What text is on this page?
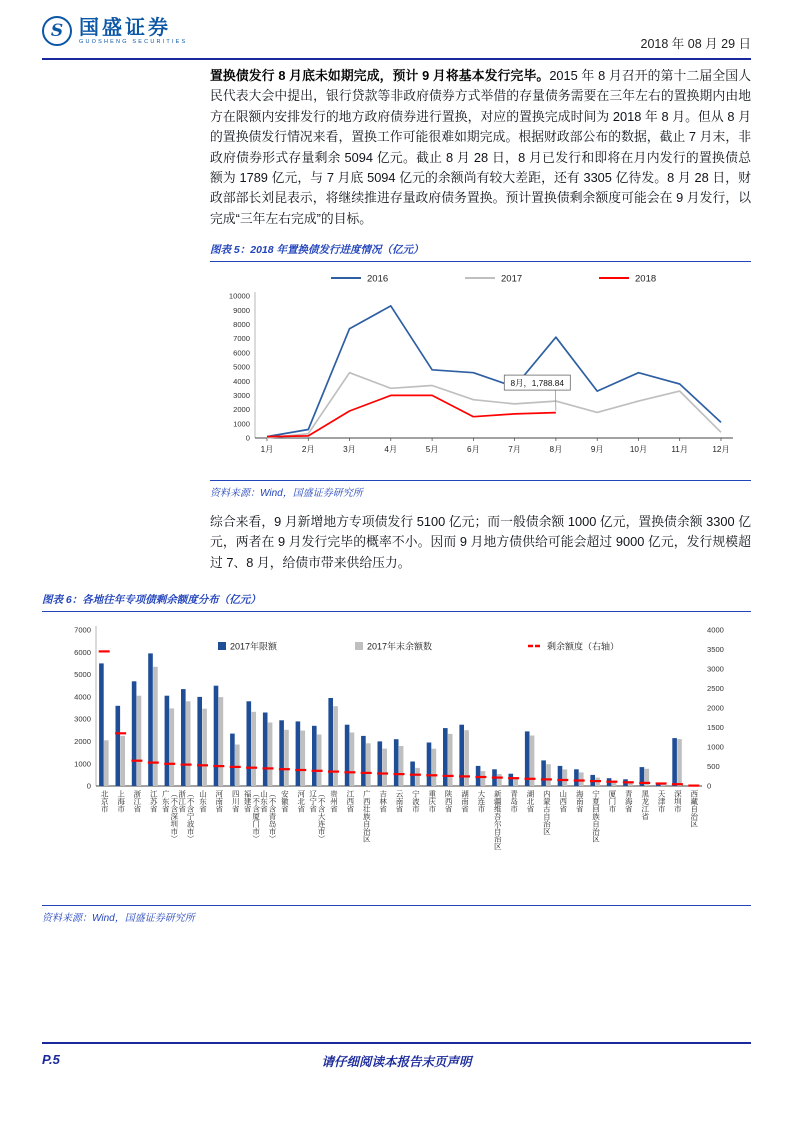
S 国盛证券
GUOSHENG SECURITIES	2018 年 08 月 29 日
置换债发行 8 月底未如期完成，预计 9 月将基本发行完毕。2015 年 8 月召开的第十二届全国人民代表大会中提出，银行贷款等非政府债券方式举借的存量债务需要在三年左右的置换期内由地方在限额内安排发行的地方政府债券进行置换，对应的置换完成时间为 2018 年 8 月。但从 8 月的置换债发行情况来看，置换工作可能很难如期完成。根据财政部公布的数据，截止 7 月末，非政府债券形式存量剩余 5094 亿元。截止 8 月 28 日，8 月已发行和即将在月内发行的置换债总额为 1789 亿元，与 7 月底 5094 亿元的余额尚有较大差距，还有 3305 亿待发。8 月 28 日，财政部部长刘昆表示，将继续推进存量政府债务置换。预计置换债剩余额度可能会在 9 月发行，以完成“三年左右完成”的目标。
图表 5：2018 年置换债发行进度情况（亿元）
2016	2017	2018
0
1000
2000
3000
4000
5000
6000
7000
8000
9000
10000
1月	2月	3月	4月	5月	6月	7月	8月	9月	10月	11月	12月
8月，1,788.84
资料来源：Wind，国盛证券研究所
综合来看，9 月新增地方专项债发行 5100 亿元；而一般债余额 1000 亿元，置换债余额 3300 亿元，两者在 9 月发行完毕的概率不小。因而 9 月地方债供给可能会超过 9000 亿元，发行规模超过 7、8 月，给债市带来供给压力。
图表 6：各地往年专项债剩余额度分布（亿元）
2017年限额	2017年末余额数	剩余额度（右轴）
0
1000
2000
3000
4000
5000
6000
7000
0
500
1000
1500
2000
2500
3000
3500
4000
北京市 上海市 浙江省 江苏省 广东省
（不含深圳市）
浙江省
（不含宁波市） 山东省 河南省 四川省 福建省
（不含厦门市）
山东省
（不含青岛市） 安徽省 河北省 辽宁省
（不含大连市） 贵州省 江西省 广西壮族自治区 吉林省 云南省 宁波市 重庆市 陕西省 湖南省 大连市 新疆维吾尔自治区 青岛市 湖北省 内蒙古自治区 山西省 海南省 宁夏回族自治区 厦门市 青海省 黑龙江省 天津市 深圳市 西藏自治区
资料来源：Wind，国盛证券研究所
P.5	请仔细阅读本报告末页声明
